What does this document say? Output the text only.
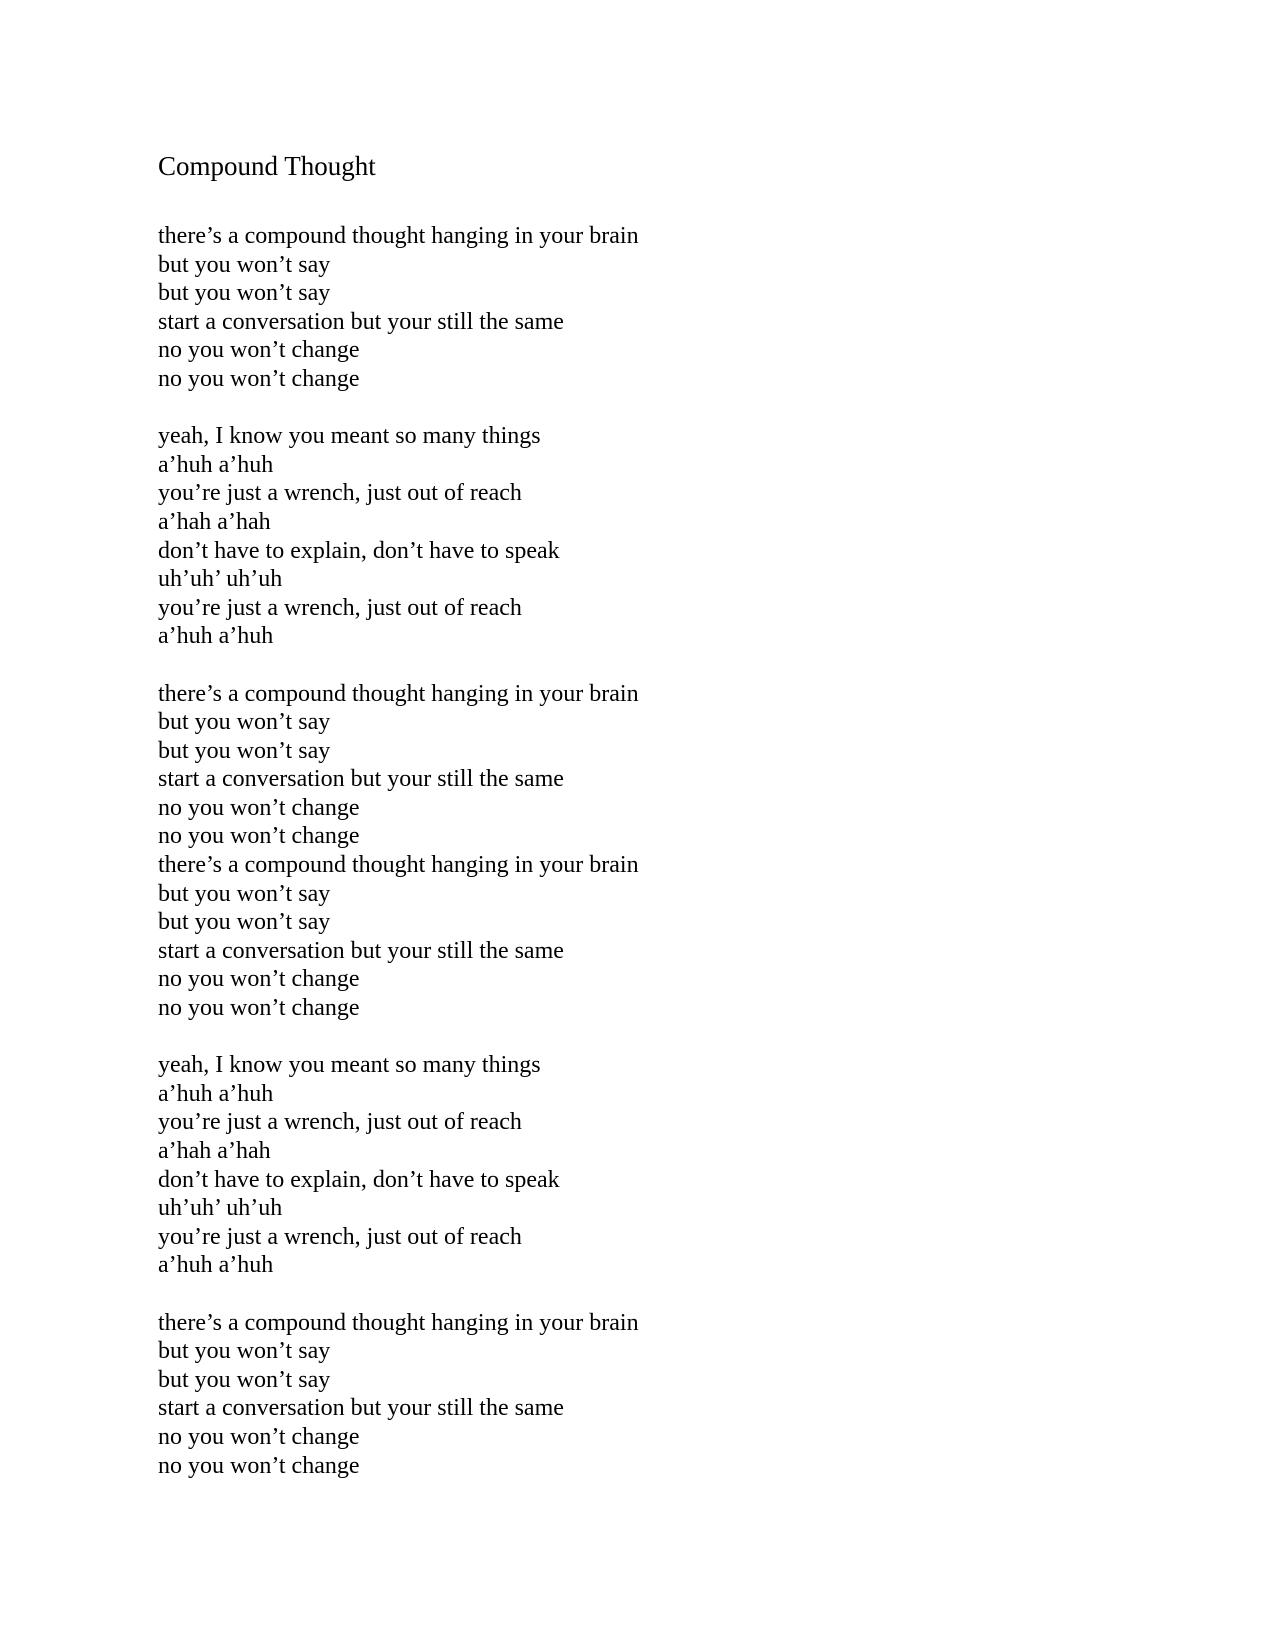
Compound Thought
there’s a compound thought hanging in your brain
but you won’t say
but you won’t say
start a conversation but your still the same
no you won’t change
no you won’t change
yeah, I know you meant so many things
a’huh a’huh
you’re just a wrench, just out of reach
a’hah a’hah
don’t have to explain, don’t have to speak
uh’uh’ uh’uh
you’re just a wrench, just out of reach
a’huh a’huh
there’s a compound thought hanging in your brain
but you won’t say
but you won’t say
start a conversation but your still the same
no you won’t change
no you won’t change
there’s a compound thought hanging in your brain
but you won’t say
but you won’t say
start a conversation but your still the same
no you won’t change
no you won’t change
yeah, I know you meant so many things
a’huh a’huh
you’re just a wrench, just out of reach
a’hah a’hah
don’t have to explain, don’t have to speak
uh’uh’ uh’uh
you’re just a wrench, just out of reach
a’huh a’huh
there’s a compound thought hanging in your brain
but you won’t say
but you won’t say
start a conversation but your still the same
no you won’t change
no you won’t change
